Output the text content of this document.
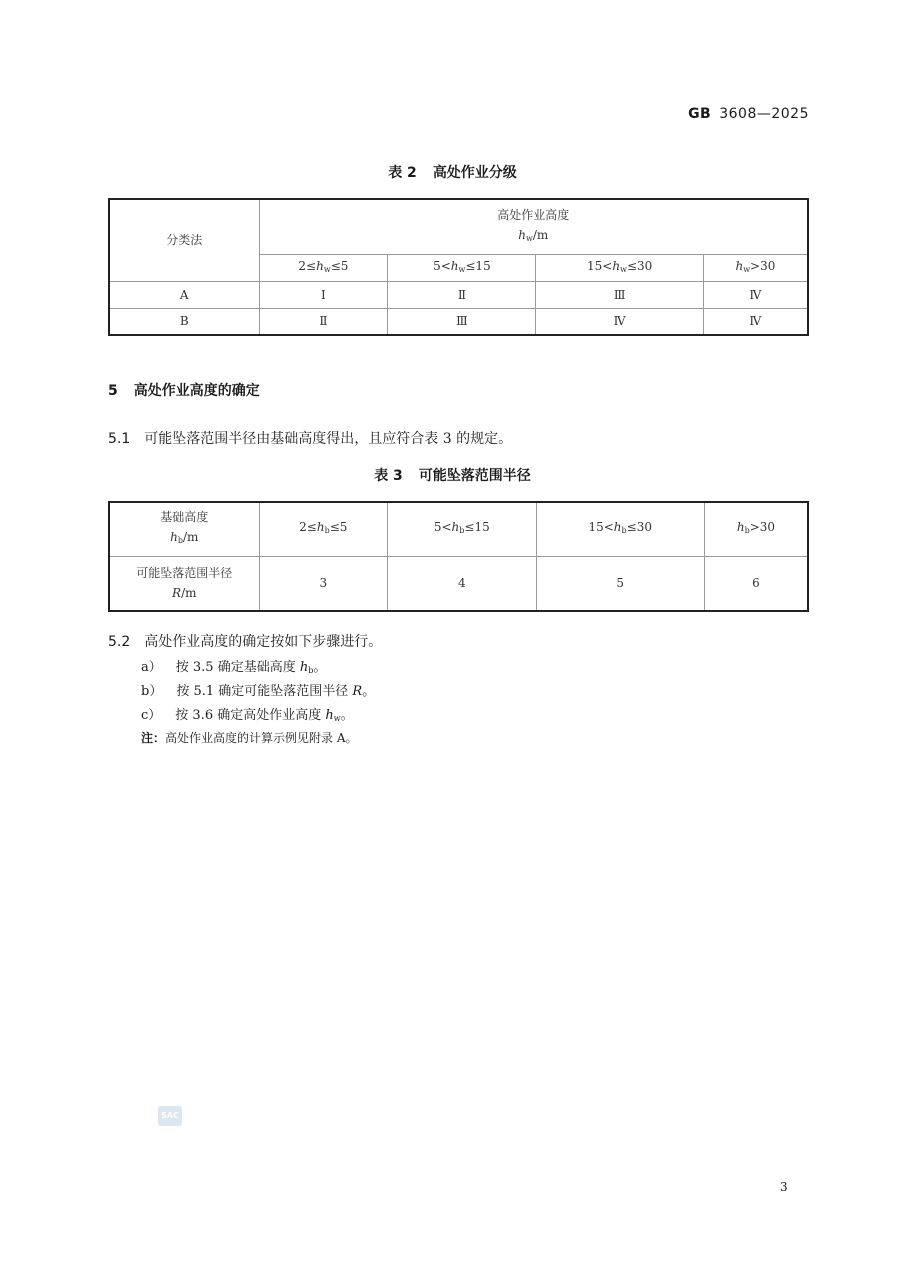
GB 3608—2025
表 2 高处作业分级
分类法	高处作业高度
$h_w/m$			

	$2\le h_w\le 5$	$5<h_w\le 15$	$15<h_w\le 30$	$h_w>30$
A	Ⅰ	Ⅱ	Ⅲ	Ⅳ
B	Ⅱ	Ⅲ	Ⅳ	Ⅳ
5 高处作业高度的确定
5.1 可能坠落范围半径由基础高度得出，且应符合表 3 的规定。
表 3 可能坠落范围半径
基础高度
$h_b/m$	$2\le h_b\le 5$	$5<h_b\le 15$	$15<h_b\le 30$	$h_b>30$

可能坠落范围半径
R/m	3	4	5	6
5.2 高处作业高度的确定按如下步骤进行。
a） 按 3.5 确定基础高度 $h_b$。
b） 按 5.1 确定可能坠落范围半径 R。
c） 按 3.6 确定高处作业高度 $h_w$。
注：高处作业高度的计算示例见附录 A。
SAC
3
